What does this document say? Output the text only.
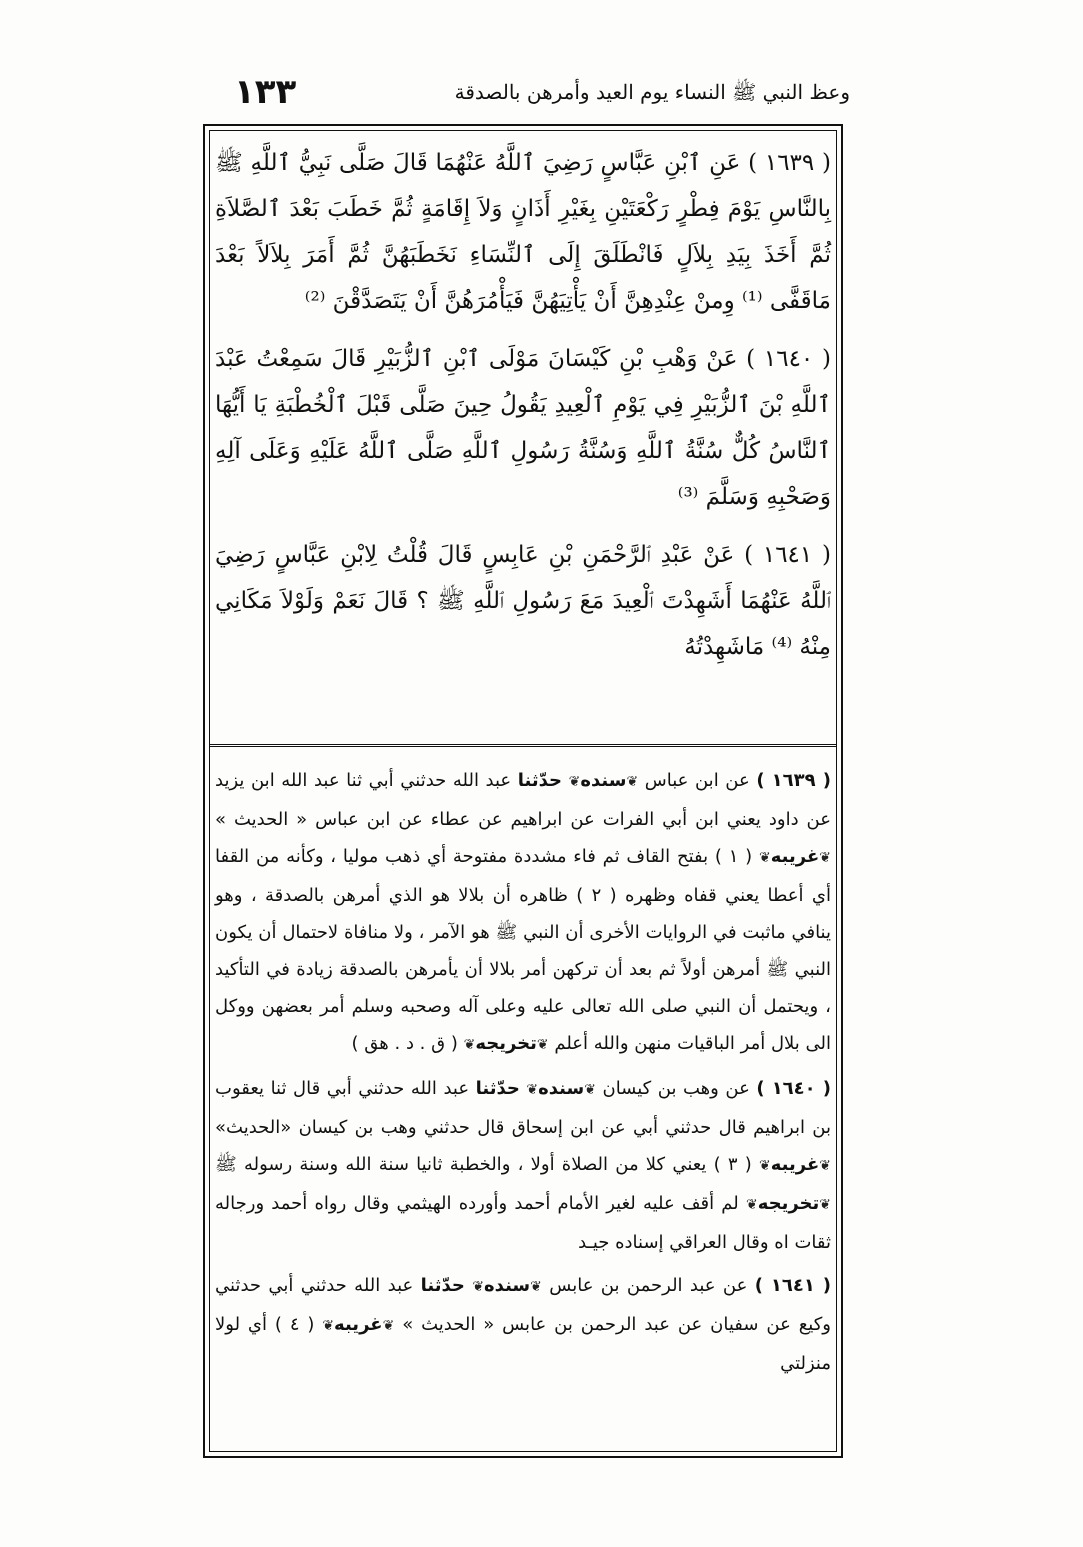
وعظ النبي ﷺ النساء يوم العيد وأمرهن بالصدقة
١٣٣

( ١٦٣٩ ) عَنِ ٱبْنِ عَبَّاسٍ رَضِيَ ٱللَّهُ عَنْهُمَا قَالَ صَلَّى نَبِيُّ ٱللَّهِ ﷺ بِالنَّاسِ يَوْمَ فِطْرٍ رَكْعَتَيْنِ بِغَيْرِ أَذَانٍ وَلاَ إِقَامَةٍ ثُمَّ خَطَبَ بَعْدَ ٱلصَّلاَةِ ثُمَّ أَخَذَ بِيَدِ بِلاَلٍ فَانْطَلَقَ إِلَى ٱلنِّسَاءِ نَخَطَبَهُنَّ ثُمَّ أَمَرَ بِلاَلاً بَعْدَ مَاقَفَّى ⁽¹⁾ وِمنْ عِنْدِهِنَّ أَنْ يَأْتِيَهُنَّ فَيَأْمُرَهُنَّ أَنْ يَتَصَدَّقْنَ ⁽²⁾

( ١٦٤٠ ) عَنْ وَهْبِ بْنِ كَيْسَانَ مَوْلَى ٱبْنِ ٱلزُّبَيْرِ قَالَ سَمِعْتُ عَبْدَ ٱللَّهِ بْنَ ٱلزُّبَيْرِ فِي يَوْمِ ٱلْعِيدِ يَقُولُ حِينَ صَلَّى قَبْلَ ٱلْخُطْبَةِ يَا أَيُّهَا ٱلنَّاسُ كُلٌّ سُنَّةُ ٱللَّهِ وَسُنَّةُ رَسُولِ ٱللَّهِ صَلَّى ٱللَّهُ عَلَيْهِ وَعَلَى آلِهِ وَصَحْبِهِ وَسَلَّمَ ⁽³⁾

( ١٦٤١ ) عَنْ عَبْدِ ٱلرَّحْمَنِ بْنِ عَابِسٍ قَالَ قُلْتُ لِابْنِ عَبَّاسٍ رَضِيَ ٱللَّهُ عَنْهُمَا أَشَهِدْتَ ٱلْعِيدَ مَعَ رَسُولِ ٱللَّهِ ﷺ ؟ قَالَ نَعَمْ وَلَوْلاَ مَكَانِي مِنْهُ ⁽⁴⁾ مَاشَهِدْتُهُ

( ١٦٣٩ ) عن ابن عباس ❦سنده❦ حدّثنا عبد الله حدثني أبي ثنا عبد الله ابن يزيد عن داود يعني ابن أبي الفرات عن ابراهيم عن عطاء عن ابن عباس « الحديث » ❦غريبه❦ ( ١ ) بفتح القاف ثم فاء مشددة مفتوحة أي ذهب موليا ، وكأنه من القفا أي أعطا يعني قفاه وظهره ( ٢ ) ظاهره أن بلالا هو الذي أمرهن بالصدقة ، وهو ينافي ماثبت في الروايات الأخرى أن النبي ﷺ هو الآمر ، ولا منافاة لاحتمال أن يكون النبي ﷺ أمرهن أولاً ثم بعد أن تركهن أمر بلالا أن يأمرهن بالصدقة زيادة في التأكيد ، ويحتمل أن النبي صلى الله تعالى عليه وعلى آله وصحبه وسلم أمر بعضهن ووكل الى بلال أمر الباقيات منهن والله أعلم ❦تخريجه❦ ( ق . د . هق )

( ١٦٤٠ ) عن وهب بن كيسان ❦سنده❦ حدّثنا عبد الله حدثني أبي قال ثنا يعقوب بن ابراهيم قال حدثني أبي عن ابن إسحاق قال حدثني وهب بن كيسان «الحديث» ❦غريبه❦ ( ٣ ) يعني كلا من الصلاة أولا ، والخطبة ثانيا سنة الله وسنة رسوله ﷺ ❦تخريجه❦ لم أقف عليه لغير الأمام أحمد وأورده الهيثمي وقال رواه أحمد ورجاله ثقات اه وقال العراقي إسناده جيـد

( ١٦٤١ ) عن عبد الرحمن بن عابس ❦سنده❦ حدّثنا عبد الله حدثني أبي حدثني وكيع عن سفيان عن عبد الرحمن بن عابس « الحديث » ❦غريبه❦ ( ٤ ) أي لولا منزلتي
